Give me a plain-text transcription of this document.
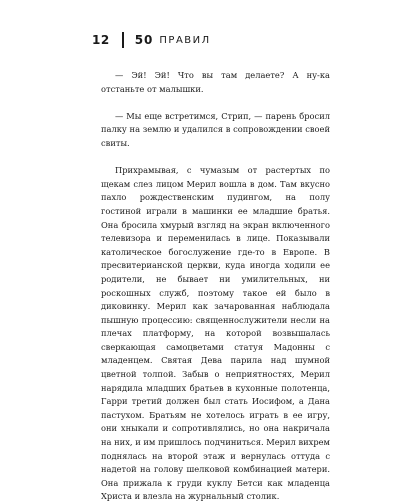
12 50 ПРАВИЛ

— Эй! Эй! Что вы там делаете? А ну-ка отстаньте от малышки.

— Мы еще встретимся, Стрип, — парень бросил палку на землю и удалился в сопровождении своей свиты.

Прихрамывая, с чумазым от растертых по щекам слез лицом Мерил вошла в дом. Там вкусно пахло рождественским пудингом, на полу гостиной играли в машинки ее младшие братья. Она бросила хмурый взгляд на экран включенного телевизора и переменилась в лице. Показывали католическое богослужение где-то в Европе. В пресвитерианской церкви, куда иногда ходили ее родители, не бывает ни умилительных, ни роскошных служб, поэтому такое ей было в диковинку. Мерил как зачарованная наблюдала пышную процессию: священнослужители несли на плечах платформу, на которой возвышалась сверкающая самоцветами статуя Мадонны с младенцем. Святая Дева парила над шумной цветной толпой. Забыв о неприятностях, Мерил нарядила младших братьев в кухонные полотенца, Гарри третий должен был стать Иосифом, а Дана пастухом. Братьям не хотелось играть в ее игру, они хныкали и сопротивлялись, но она накричала на них, и им пришлось подчиниться. Мерил вихрем поднялась на второй этаж и вернулась оттуда с надетой на голову шелковой комбинацией матери. Она прижала к груди куклу Бетси как младенца Христа и влезла на журнальный столик.
